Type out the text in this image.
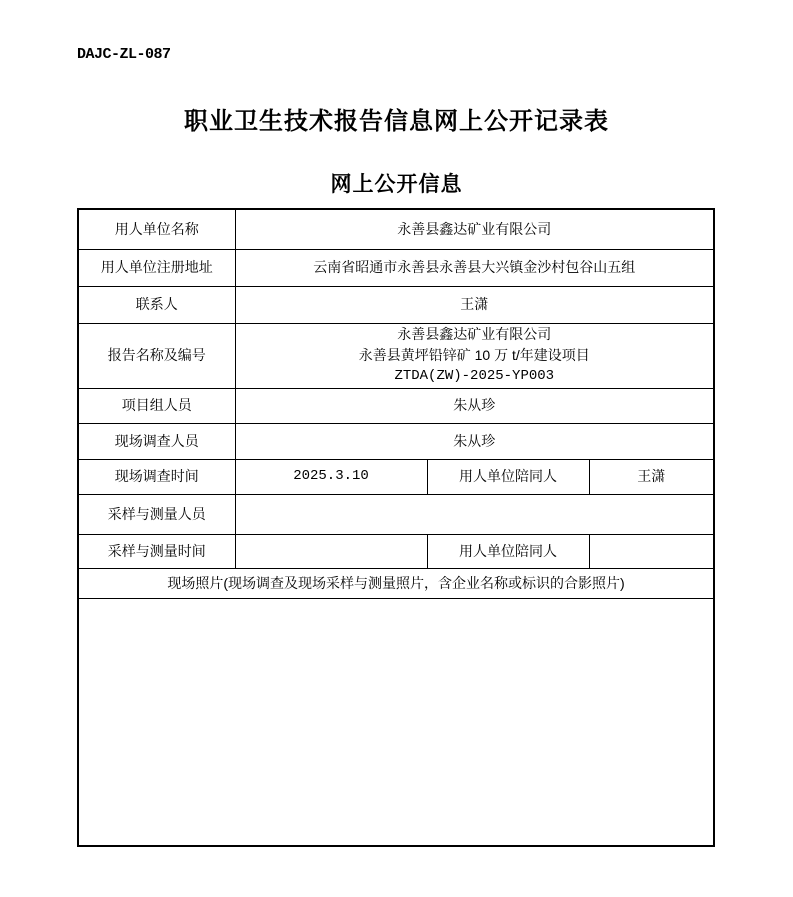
DAJC-ZL-087
职业卫生技术报告信息网上公开记录表
网上公开信息
用人单位名称	永善县鑫达矿业有限公司		
用人单位注册地址	云南省昭通市永善县永善县大兴镇金沙村包谷山五组		
联系人	王潇		
报告名称及编号	永善县鑫达矿业有限公司
永善县黄坪铅锌矿 10 万 t/年建设项目
ZTDA(ZW)-2025-YP003		

项目组人员	朱从珍		
现场调查人员	朱从珍		
现场调查时间	2025.3.10	用人单位陪同人	王潇
采样与测量人员			
采样与测量时间		用人单位陪同人	
现场照片(现场调查及现场采样与测量照片，含企业名称或标识的合影照片)			
